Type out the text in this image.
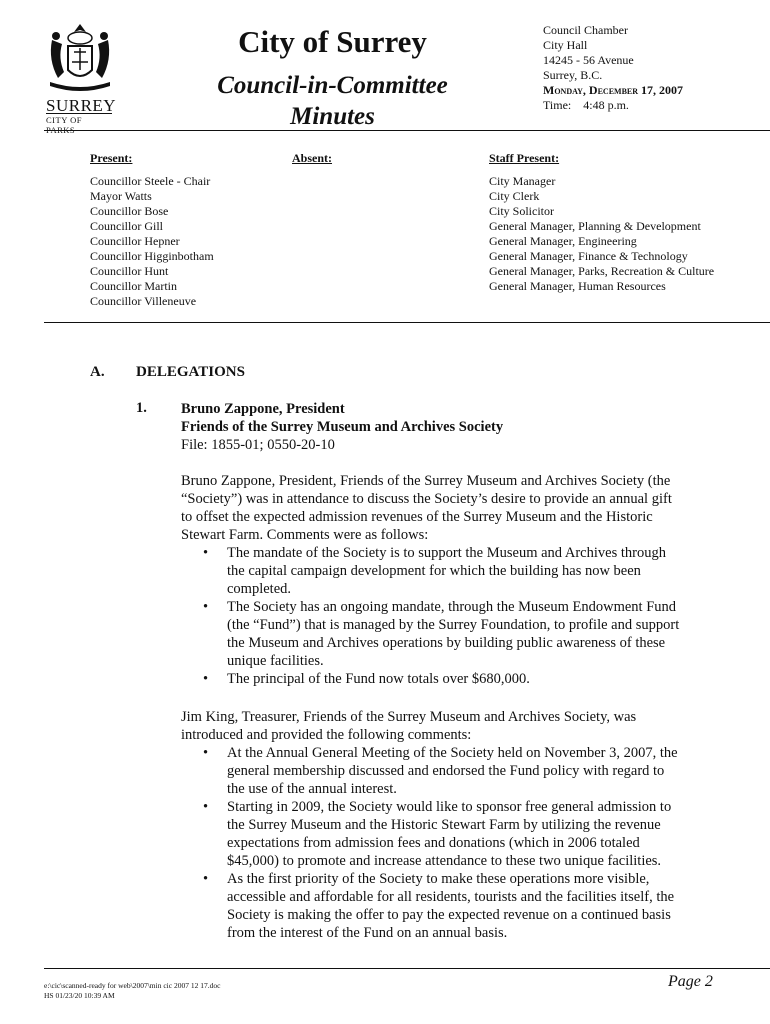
SURREY
CITY OF PARKS
City of Surrey
Council-in-Committee
Minutes
Council Chamber
City Hall
14245 - 56 Avenue
Surrey, B.C.
Monday, December 17, 2007
Time: 4:48 p.m.
Present:	Absent:	Staff Present:
Councillor Steele - Chair
Mayor Watts
Councillor Bose
Councillor Gill
Councillor Hepner
Councillor Higginbotham
Councillor Hunt
Councillor Martin
Councillor Villeneuve
City Manager
City Clerk
City Solicitor
General Manager, Planning & Development
General Manager, Engineering
General Manager, Finance & Technology
General Manager, Parks, Recreation & Culture
General Manager, Human Resources
A. DELEGATIONS
1. Bruno Zappone, President
Friends of the Surrey Museum and Archives Society
File: 1855-01; 0550-20-10
Bruno Zappone, President, Friends of the Surrey Museum and Archives Society (the “Society”) was in attendance to discuss the Society’s desire to provide an annual gift to offset the expected admission revenues of the Surrey Museum and the Historic Stewart Farm. Comments were as follows:
• The mandate of the Society is to support the Museum and Archives through the capital campaign development for which the building has now been completed.
• The Society has an ongoing mandate, through the Museum Endowment Fund (the “Fund”) that is managed by the Surrey Foundation, to profile and support the Museum and Archives operations by building public awareness of these unique facilities.
• The principal of the Fund now totals over $680,000.
Jim King, Treasurer, Friends of the Surrey Museum and Archives Society, was introduced and provided the following comments:
• At the Annual General Meeting of the Society held on November 3, 2007, the general membership discussed and endorsed the Fund policy with regard to the use of the annual interest.
• Starting in 2009, the Society would like to sponsor free general admission to the Surrey Museum and the Historic Stewart Farm by utilizing the revenue expectations from admission fees and donations (which in 2006 totaled $45,000) to promote and increase attendance to these two unique facilities.
• As the first priority of the Society to make these operations more visible, accessible and affordable for all residents, tourists and the facilities itself, the Society is making the offer to pay the expected revenue on a continued basis from the interest of the Fund on an annual basis.
e:\cic\scanned-ready for web\2007\min cic 2007 12 17.doc
HS 01/23/20 10:39 AM
Page 2
